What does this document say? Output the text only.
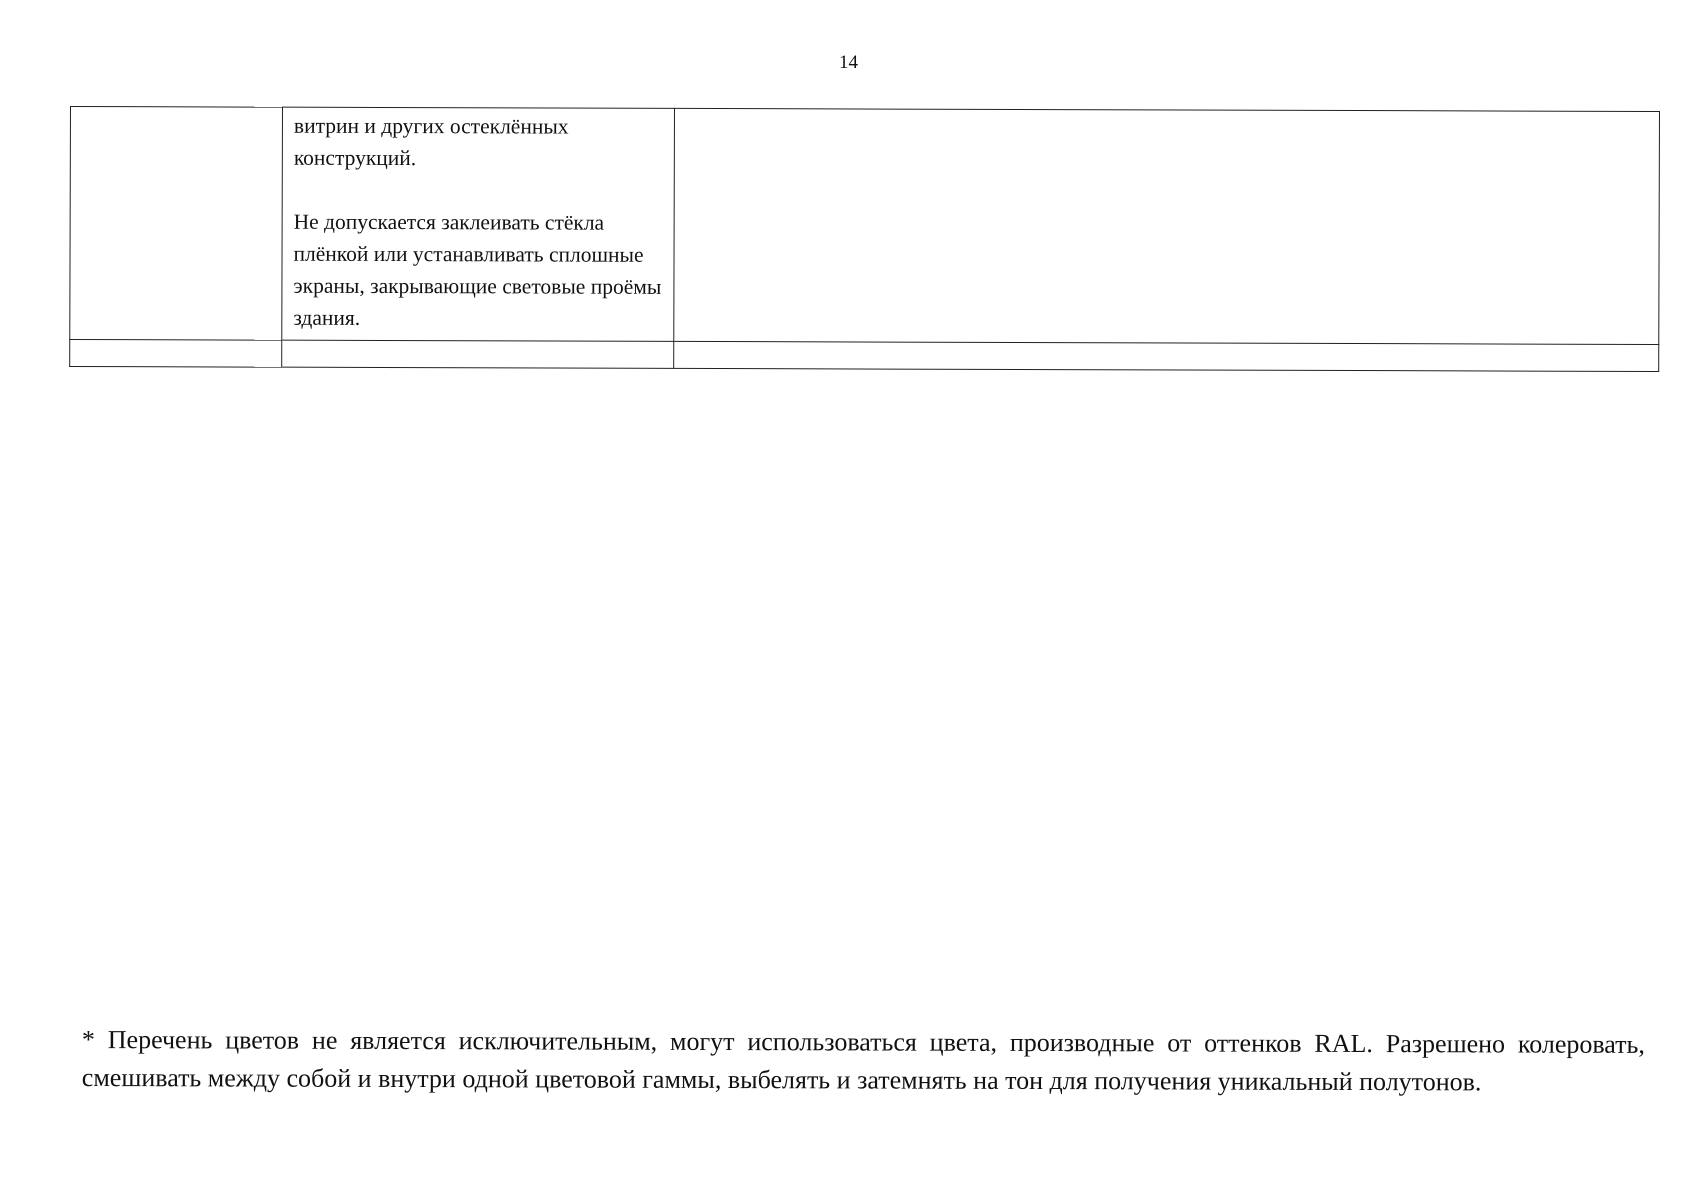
14

	витрин и других остеклённых конструкций.

Не допускается заклеивать стёкла плёнкой или устанавливать сплошные экраны, закрывающие световые проёмы здания.	

* Перечень цветов не является исключительным, могут использоваться цвета, производные от оттенков RAL. Разрешено колеровать, смешивать между собой и внутри одной цветовой гаммы, выбелять и затемнять на тон для получения уникальный полутонов.
